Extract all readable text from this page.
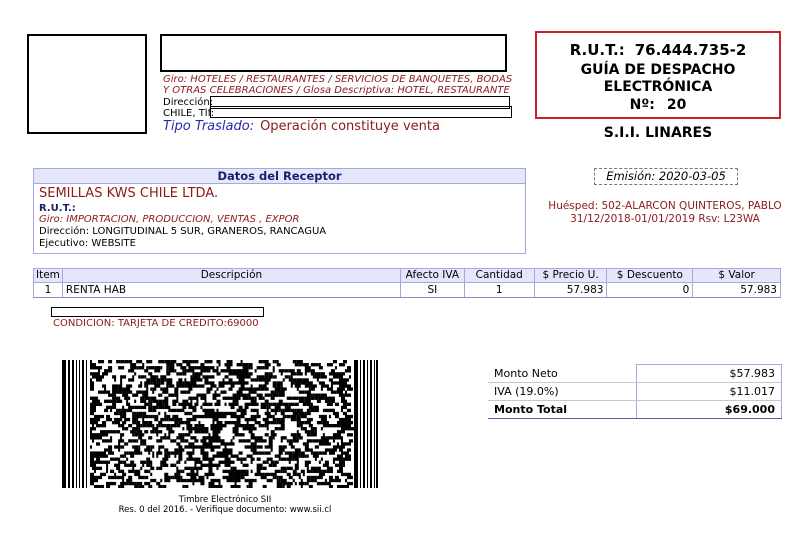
Giro: HOTELES / RESTAURANTES / SERVICIOS DE BANQUETES, BODAS Y OTRAS CELEBRACIONES / Glosa Descriptiva: HOTEL, RESTAURANTE
Dirección:
CHILE, Tlf:
Tipo Traslado: Operación constituye venta
R.U.T.: 76.444.735-2
GUÍA DE DESPACHO ELECTRÓNICA
Nº: 20
S.I.I. LINARES
Datos del Receptor
SEMILLAS KWS CHILE LTDA.
R.U.T.:
Giro: IMPORTACION, PRODUCCION, VENTAS , EXPOR
Dirección: LONGITUDINAL 5 SUR, GRANEROS, RANCAGUA
Ejecutivo: WEBSITE
Emisión: 2020-03-05
Huésped: 502-ALARCON QUINTEROS, PABLO
31/12/2018-01/01/2019 Rsv: L23WA
Item	Descripción	Afecto IVA	Cantidad	$ Precio U.	$ Descuento	$ Valor
1	RENTA HAB	SI	1	57.983	0	57.983
CONDICION: TARJETA DE CREDITO:69000
Timbre Electrónico SII
Res. 0 del 2016. - Verifique documento: www.sii.cl
Monto Neto	$57.983
IVA (19.0%)	$11.017
Monto Total	$69.000
